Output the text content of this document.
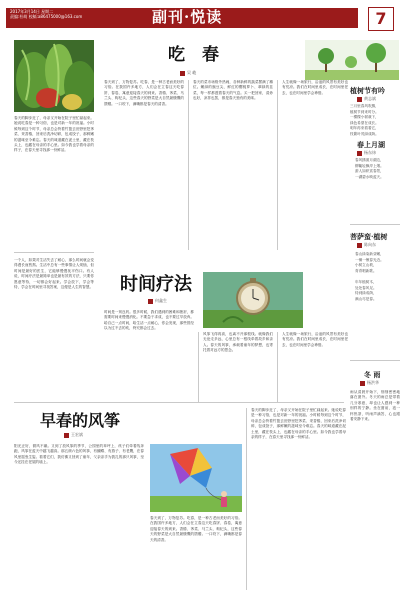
2017年3月14日 星期二
责编:杜萌 校稿:a86475000@163.com	副刊·悦读	7
春天的脚步近了，母亲又开始在院子里忙碌起来。她说吃春是一种习俗，也是对新一年的祝福。小时候每到这个时节，母亲总会挎着竹篮去田野里挖荠菜、采香椿，回来后洗净切碎，包成饺子，那鲜嫩的滋味至今难忘。春天的味道藏在泥土里，藏在枝头上，也藏在母亲的手心里。如今我也学着母亲的样子，在春天里寻找那一份鲜活。
吃　春
吴 峻
春天到了，万物复苏。吃春，是一种古老而美好的习俗。在我国许多地方，人们会在立春这天吃春饼、春卷，寓意迎接春天的到来。香椿、荠菜、马兰头、枸杞头，这些春天的野菜是大自然最慷慨的馈赠。一口咬下，满嘴都是春天的清香。
春天的菜市场格外热闹，各种新鲜的蔬菜摆满了摊位。嫩绿的豌豆尖、鲜红的樱桃萝卜、翠绿的韭菜，每一样都透着春天的气息。买一把回家，清炒也好，凉拌也罢，都是春天独有的美味。
人生就像一场旅行，沿途的风景有美好也有荒凉。我们在时间里成长，在时间里老去，也在时间里学会珍惜。	植树节有吟
黄志斌
三月里春风吹拂，
植树节到来时分。
一棵棵小树栽下，
绿色希望在成长。
明年再来看看它，
枝繁叶茂绿成荫。
春上月湖
杨东炜
春风拂面月湖边，
柳絮轻飘岸上烟。
游人如织赏春景，
一湖碧水映蓝天。
菩萨蛮·植树
陈向东
春山绿染新芽嫩，
一锄一锹春光近。
小树立山坡，
青青唱新歌。

年年植树木，
处处春风足。
待到绿成荫，
满山尽是春。
一个人，如果对生活失去了耐心，那么时间就会变得漫长而煎熬。生活中总有一些事情让人烦恼，但时间是最好的医生，它能够慢慢抚平伤口。有人说，时间疗法是最简单也是最有效的方法，只要你愿意等待，一切都会好起来。学会放下，学会等待，学会在时间里寻找答案，这便是人生的智慧。 时间疗法
何鑫生
时间是一剂良药。很多时候，我们遇到的困难和挫折，都需要时间来慢慢消化。不要急于求成，也不要过早放弃。给自己一点时间，给生活一点耐心，你会发现，那些曾经以为过不去的坎，终究都会过去。
风筝飞得再高，也离不开那根线。就像我们无论走多远，心里总有一根线牵着故乡和亲人。春天的风筝，承载着童年的梦想，也寄托着对远方的思念。
人生就像一场旅行，沿途的风景有美好也有荒凉。我们在时间里成长，在时间里老去，也在时间里学会珍惜。
冬 雨
杨洪华
雨从清晨开始下，细细密密地落在窗外。冬天的雨总是带着几分寒意，却也让人感到一种别样的宁静。坐在窗前，泡一杯热茶，听雨声滴答，心也跟着安静下来。
早春的风筝
王宏斌
阳光正好，微风不燥。又到了放风筝的季节，公园里的草坪上，孩子们牵着线奔跑，风筝在蓝天中越飞越高。那五颜六色的风筝，有蝴蝶、有燕子、有老鹰，在春风里摇曳生姿。看着它们，我仿佛又回到了童年，父亲亲手为我扎的那只风筝，至今还挂在老屋的墙上。
春天到了，万物复苏。吃春，是一种古老而美好的习俗。在我国许多地方，人们会在立春这天吃春饼、春卷，寓意迎接春天的到来。香椿、荠菜、马兰头、枸杞头，这些春天的野菜是大自然最慷慨的馈赠。一口咬下，满嘴都是春天的清香。
春天的脚步近了，母亲又开始在院子里忙碌起来。她说吃春是一种习俗，也是对新一年的祝福。小时候每到这个时节，母亲总会挎着竹篮去田野里挖荠菜、采香椿，回来后洗净切碎，包成饺子，那鲜嫩的滋味至今难忘。春天的味道藏在泥土里，藏在枝头上，也藏在母亲的手心里。如今我也学着母亲的样子，在春天里寻找那一份鲜活。
